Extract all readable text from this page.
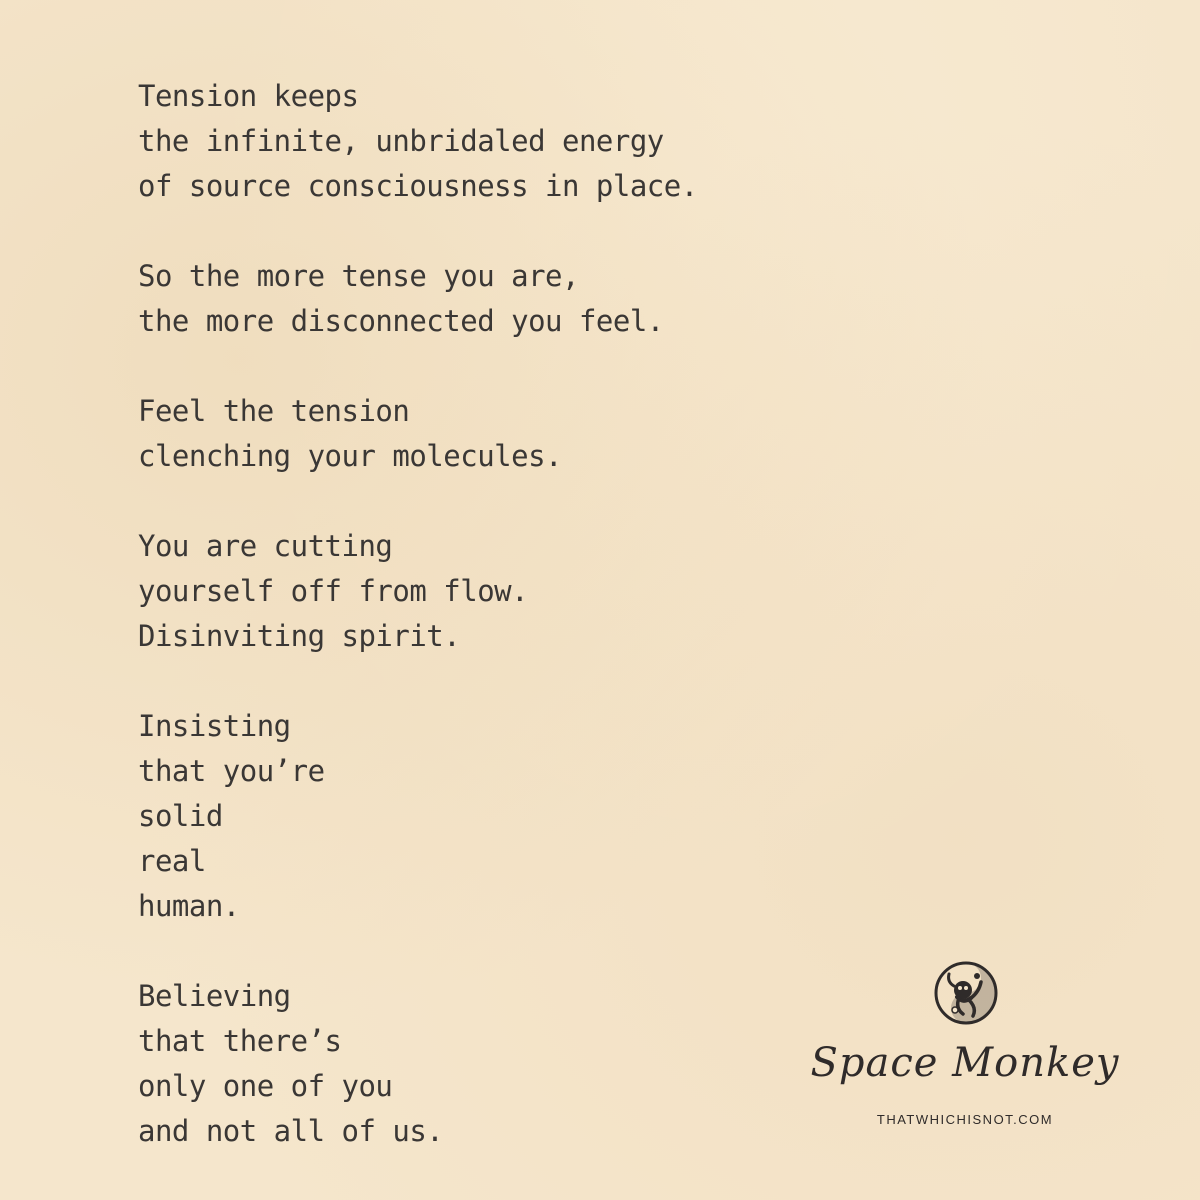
Tension keeps
the infinite, unbridaled energy
of source consciousness in place.
So the more tense you are,
the more disconnected you feel.
Feel the tension
clenching your molecules.
You are cutting
yourself off from flow.
Disinviting spirit.
Insisting
that you’re
solid
real
human.
Believing
that there’s
only one of you
and not all of us.
Space Monkey
THATWHICHISNOT.COM
